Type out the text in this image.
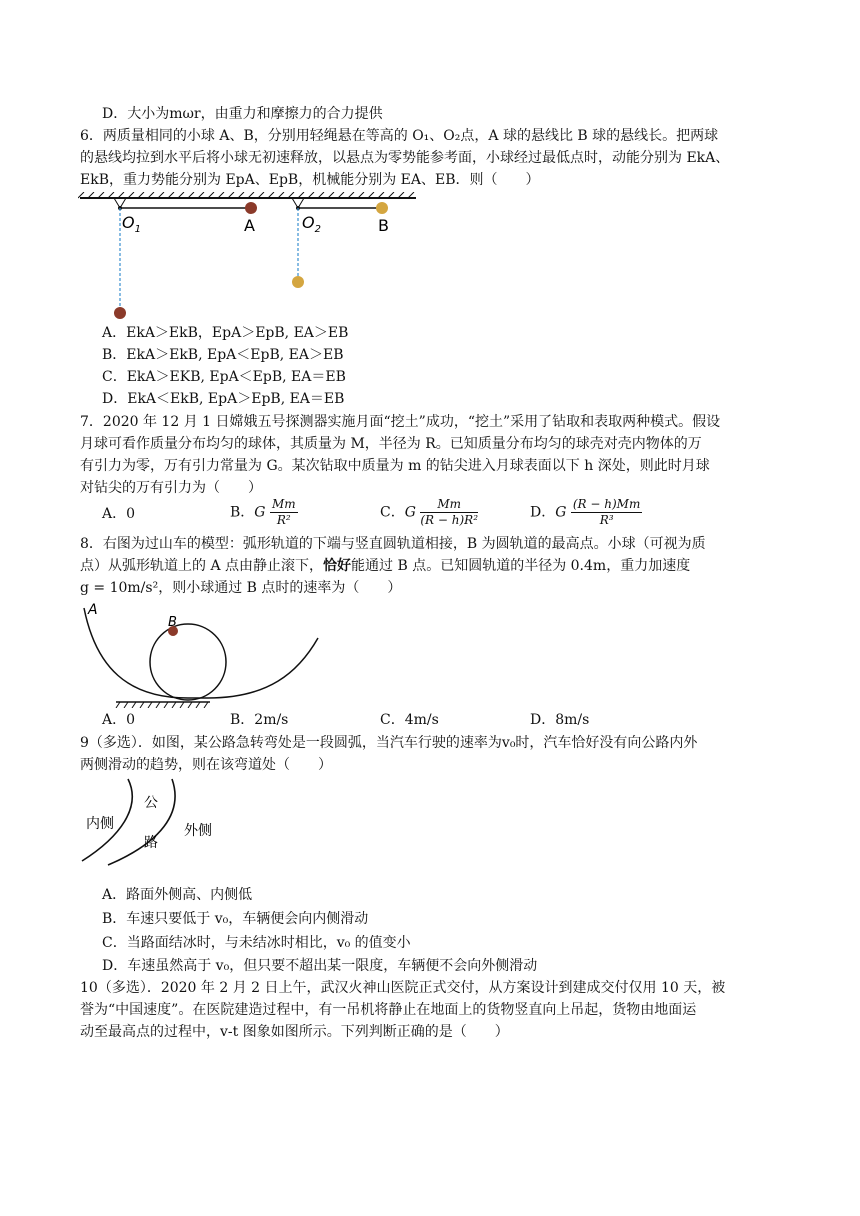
D．大小为mωr，由重力和摩擦力的合力提供
6．两质量相同的小球 A、B，分别用轻绳悬在等高的 O₁、O₂点，A 球的悬线比 B 球的悬线长。把两球
的悬线均拉到水平后将小球无初速释放，以悬点为零势能参考面，小球经过最低点时，动能分别为 EkA、
EkB，重力势能分别为 EpA、EpB，机械能分别为 EA、EB．则（　　）
$O_1$	A	$O_2$	B
A．EkA＞EkB，EpA＞EpB, EA＞EB
B．EkA＞EkB, EpA＜EpB, EA＞EB
C．EkA＞EKB, EpA＜EpB, EA＝EB
D．EkA＜EkB, EpA＞EpB, EA＝EB
7．2020 年 12 月 1 日嫦娥五号探测器实施月面“挖土”成功，“挖土”采用了钻取和表取两种模式。假设
月球可看作质量分布均匀的球体，其质量为 M，半径为 R。已知质量分布均匀的球壳对壳内物体的万
有引力为零，万有引力常量为 G。某次钻取中质量为 m 的钻尖进入月球表面以下 h 深处，则此时月球
对钻尖的万有引力为（　　）
A．0	B．G $\frac{Mm}{\text{R²}}$	C．G $\frac{Mm}{\text{(R − h)R²}}$	D．G $\frac{(R - h)Mm}{\text{R³}}$
8．右图为过山车的模型：弧形轨道的下端与竖直圆轨道相接，B 为圆轨道的最高点。小球（可视为质
点）从弧形轨道上的 A 点由静止滚下，恰好能通过 B 点。已知圆轨道的半径为 0.4m，重力加速度
g = 10m/s²，则小球通过 B 点时的速率为（　　）
A
B
A．0	B．2m/s	C．4m/s	D．8m/s
9（多选）．如图，某公路急转弯处是一段圆弧，当汽车行驶的速率为v₀时，汽车恰好没有向公路内外
两侧滑动的趋势，则在该弯道处（　　）
内侧
公
路
外侧
A．路面外侧高、内侧低
B．车速只要低于 v₀，车辆便会向内侧滑动
C．当路面结冰时，与未结冰时相比，v₀ 的值变小
D．车速虽然高于 v₀，但只要不超出某一限度，车辆便不会向外侧滑动
10（多选）．2020 年 2 月 2 日上午，武汉火神山医院正式交付，从方案设计到建成交付仅用 10 天，被
誉为“中国速度”。在医院建造过程中，有一吊机将静止在地面上的货物竖直向上吊起，货物由地面运
动至最高点的过程中，v-t 图象如图所示。下列判断正确的是（　　）
